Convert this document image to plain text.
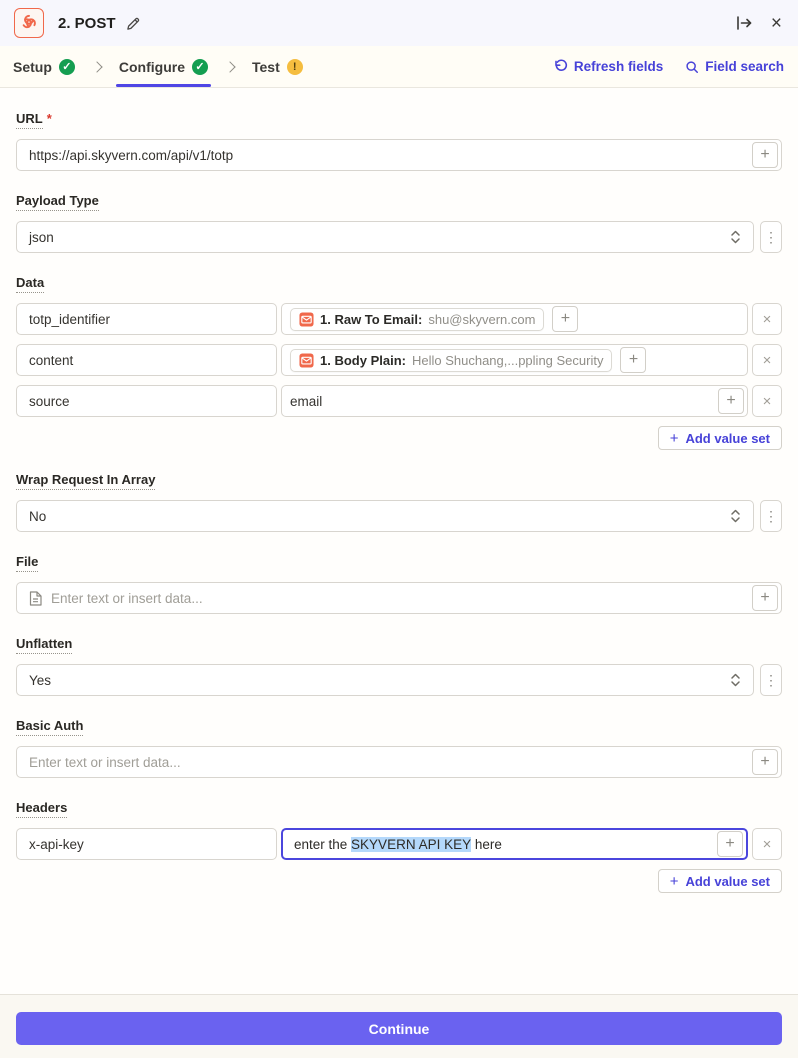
2. POST	×
Setup ✓	Configure ✓	Test	!	Refresh fields	Field search
URL *
https://api.skyvern.com/api/v1/totp
+
Payload Type
json	⋮
Data
totp_identifier
1. Raw To Email: shu@skyvern.com +	×
content
1. Body Plain: Hello Shuchang,...ppling Security +	×
source
email	+ ×
+ Add value set
Wrap Request In Array
No	⋮
File
Enter text or insert data...
+
Unflatten
Yes	⋮
Basic Auth
Enter text or insert data...
+
Headers
x-api-key
enter the SKYVERN API KEY here	+ ×
+ Add value set
Continue
